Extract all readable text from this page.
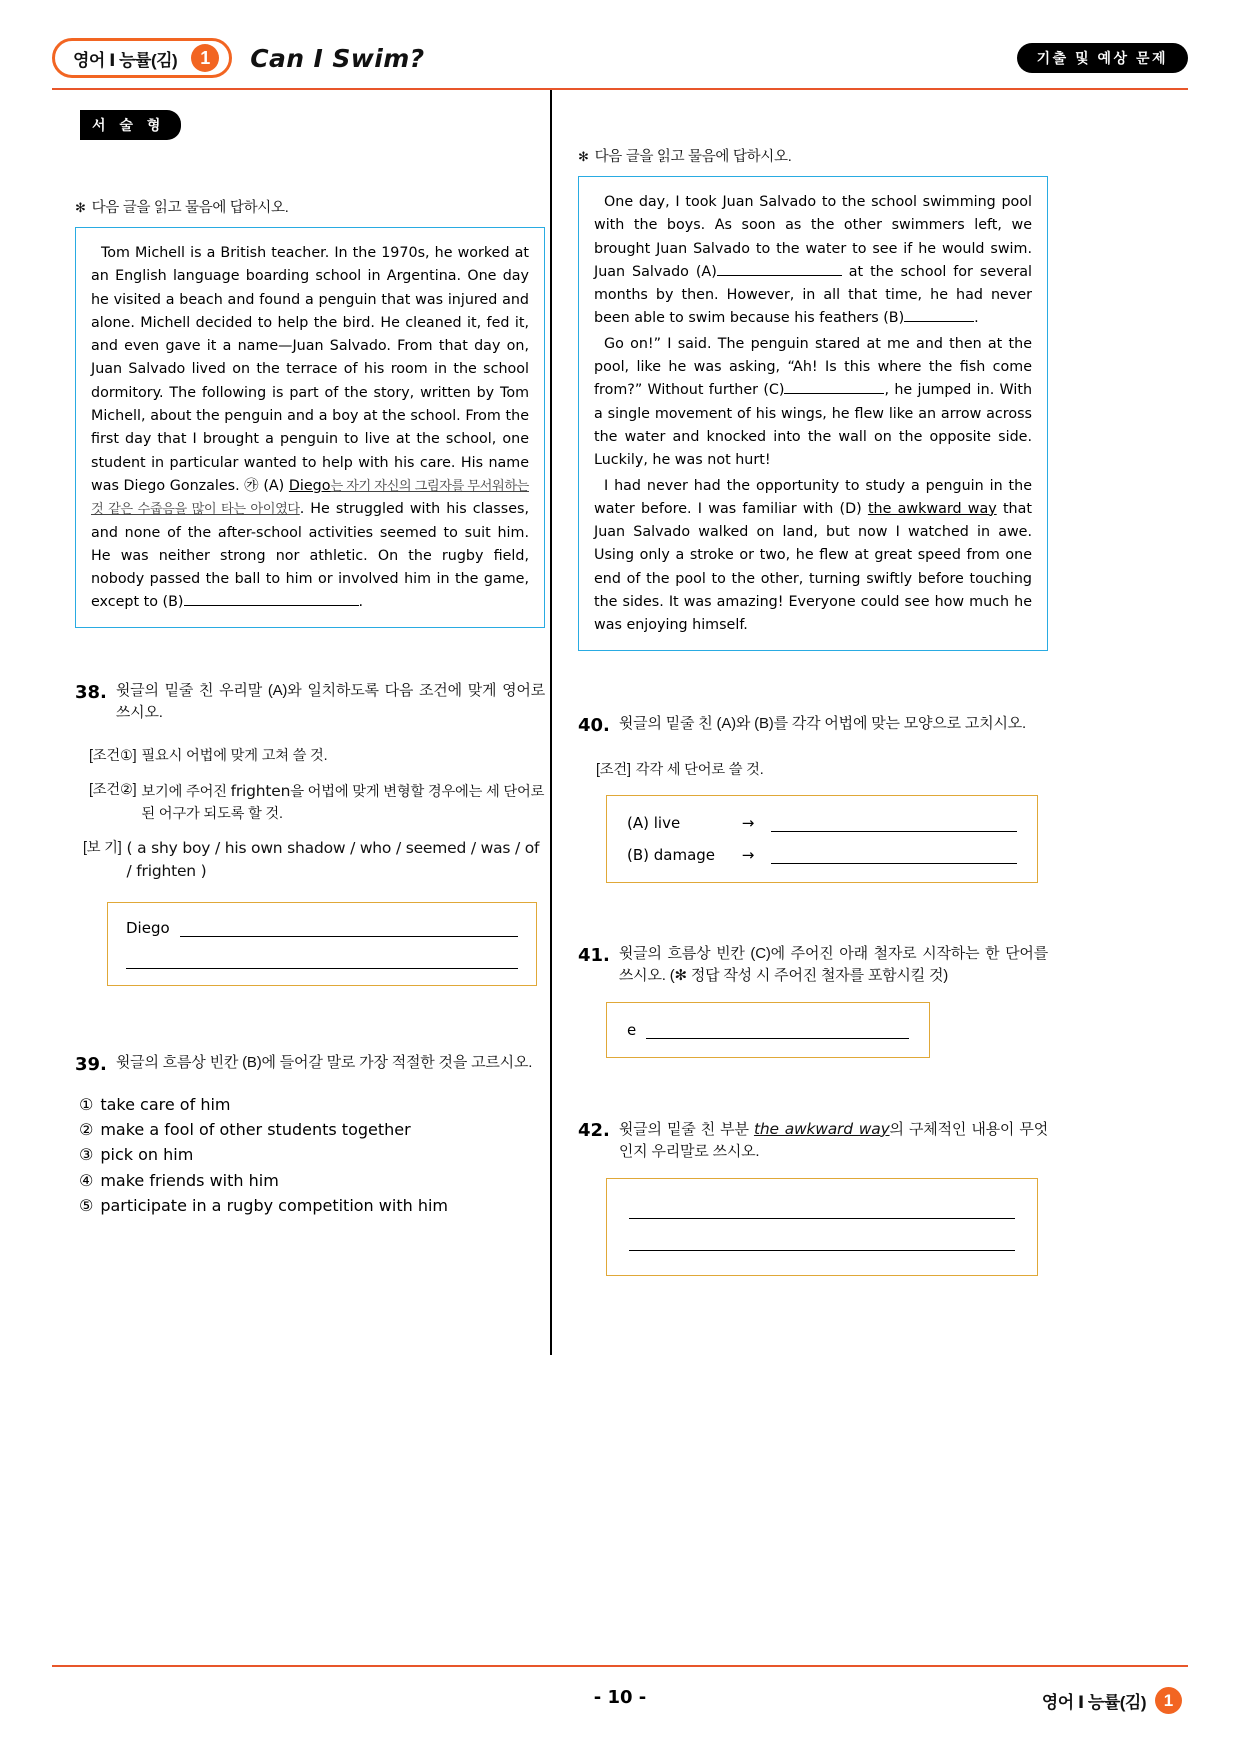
영어 Ⅰ 능률(김)	1	Can I Swim?	기출 및 예상 문제
서 술 형
✻ 다음 글을 읽고 물음에 답하시오.

Tom Michell is a British teacher. In the 1970s, he worked at an English language boarding school in Argentina. One day he visited a beach and found a penguin that was injured and alone. Michell decided to help the bird. He cleaned it, fed it, and even gave it a name—Juan Salvado. From that day on, Juan Salvado lived on the terrace of his room in the school dormitory. The following is part of the story, written by Tom Michell, about the penguin and a boy at the school. From the first day that I brought a penguin to live at the school, one student in particular wanted to help with his care. His name was Diego Gonzales. ㉮ (A) Diego는 자기 자신의 그림자를 무서워하는 것 같은 수줍음을 많이 타는 아이였다. He struggled with his classes, and none of the after-school activities seemed to suit him. He was neither strong nor athletic. On the rugby field, nobody passed the ball to him or involved him in the game, except to (B)	.

38. 윗글의 밑줄 친 우리말 (A)와 일치하도록 다음 조건에 맞게 영어로 쓰시오.
[조건①] 필요시 어법에 맞게 고쳐 쓸 것.
[조건②] 보기에 주어진 frighten을 어법에 맞게 변형할 경우에는 세 단어로 된 어구가 되도록 할 것.
[보 기] ( a shy boy / his own shadow / who / seemed / was / of / frighten )
Diego
39. 윗글의 흐름상 빈칸 (B)에 들어갈 말로 가장 적절한 것을 고르시오.
① take care of him
② make a fool of other students together
③ pick on him
④ make friends with him
⑤ participate in a rugby competition with him
✻ 다음 글을 읽고 물음에 답하시오.

One day, I took Juan Salvado to the school swimming pool with the boys. As soon as the other swimmers left, we brought Juan Salvado to the water to see if he would swim. Juan Salvado (A)	at the school for several months by then. However, in all that time, he had never been able to swim because his feathers (B)	.

Go on!” I said. The penguin stared at me and then at the pool, like he was asking, “Ah! Is this where the fish come from?” Without further (C)	, he jumped in. With a single movement of his wings, he flew like an arrow across the water and knocked into the wall on the opposite side. Luckily, he was not hurt!

I had never had the opportunity to study a penguin in the water before. I was familiar with (D) the awkward way that Juan Salvado walked on land, but now I watched in awe. Using only a stroke or two, he flew at great speed from one end of the pool to the other, turning swiftly before touching the sides. It was amazing! Everyone could see how much he was enjoying himself.

40. 윗글의 밑줄 친 (A)와 (B)를 각각 어법에 맞는 모양으로 고치시오.
[조건] 각각 세 단어로 쓸 것.
(A) live	→
(B) damage	→
41. 윗글의 흐름상 빈칸 (C)에 주어진 아래 철자로 시작하는 한 단어를 쓰시오. (✻ 정답 작성 시 주어진 철자를 포함시킬 것)
e
42. 윗글의 밑줄 친 부분 the awkward way의 구체적인 내용이 무엇인지 우리말로 쓰시오.
- 10 -	영어 Ⅰ 능률(김)	1
